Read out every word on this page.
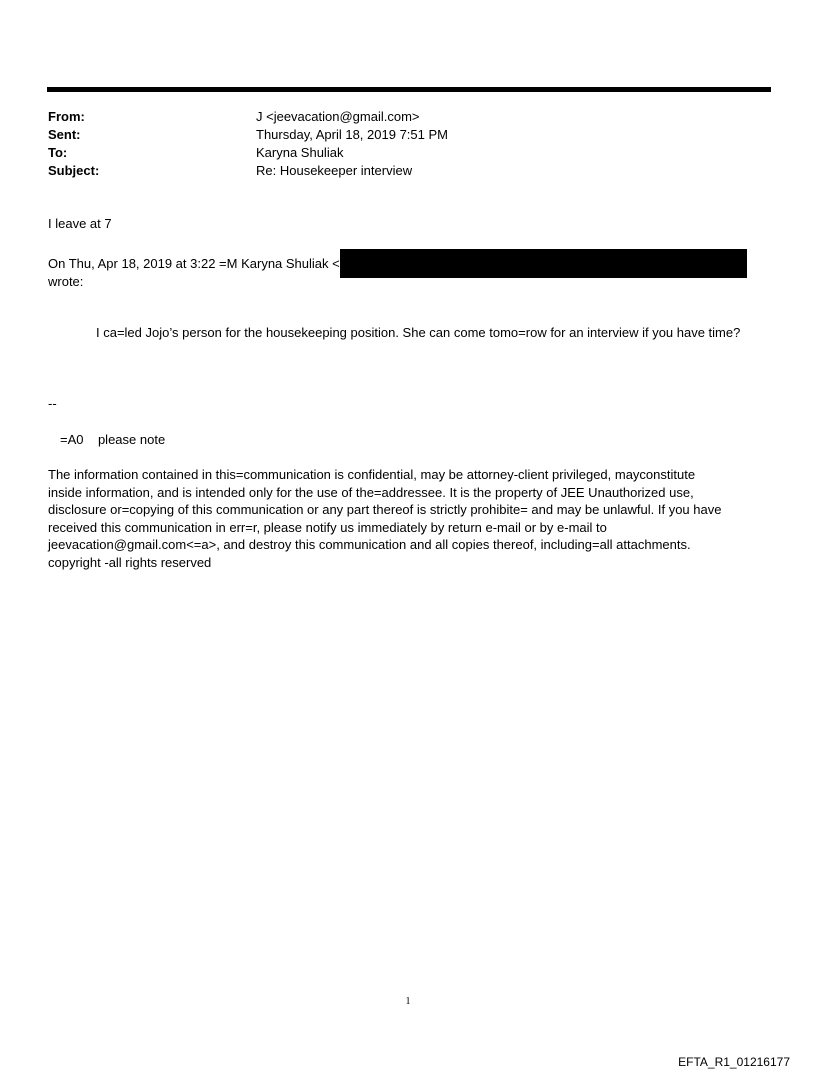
From:	J <jeevacation@gmail.com>
Sent:	Thursday, April 18, 2019 7:51 PM
To:	Karyna Shuliak
Subject:	Re: Housekeeper interview
I leave at 7
On Thu, Apr 18, 2019 at 3:22 =M Karyna Shuliak <
wrote:
I ca=led Jojo’s person for the housekeeping position. She can come tomo=row for an interview if you have time?
--
=A0 please note
The information contained in this=communication is confidential, may be attorney-client privileged, mayconstitute
inside information, and is intended only for the use of the=addressee. It is the property of JEE Unauthorized use,
disclosure or=copying of this communication or any part thereof is strictly prohibite= and may be unlawful. If you have
received this communication in err=r, please notify us immediately by return e-mail or by e-mail to
jeevacation@gmail.com<=a>, and destroy this communication and all copies thereof, including=all attachments.
copyright -all rights reserved
1
EFTA_R1_01216177
